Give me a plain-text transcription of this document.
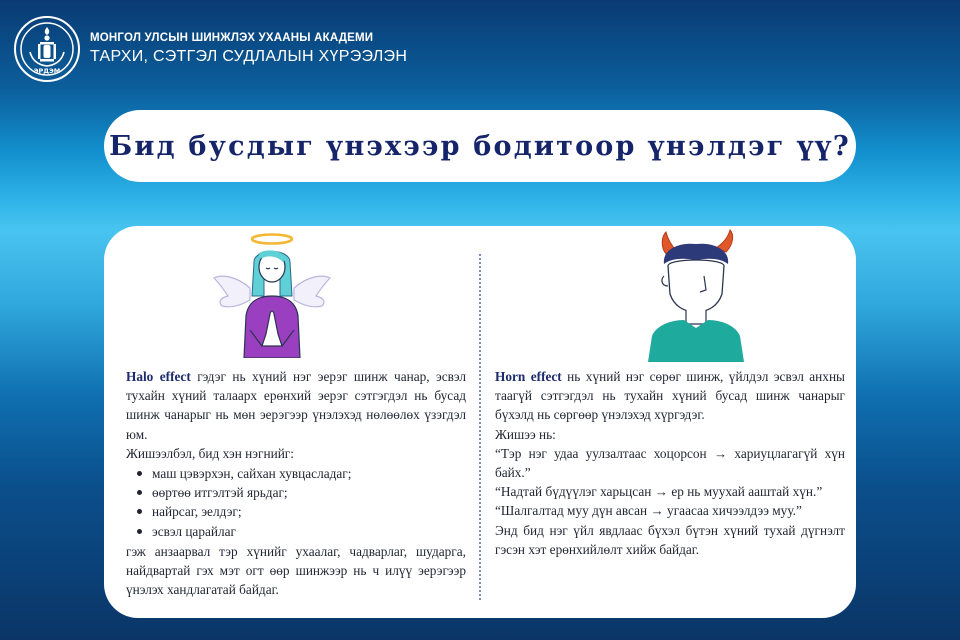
ЭРДЭМ
МОНГОЛ УЛСЫН ШИНЖЛЭХ УХААНЫ АКАДЕМИ
ТАРХИ, СЭТГЭЛ СУДЛАЛЫН ХҮРЭЭЛЭН
Бид бусдыг үнэхээр бодитоор үнэлдэг үү?

Halo effect гэдэг нь хүний нэг эерэг шинж чанар, эсвэл тухайн хүний талаарх ерөнхий эерэг сэтгэгдэл нь бусад шинж чанарыг нь мөн эерэгээр үнэлэхэд нөлөөлөх үзэгдэл юм.

Жишээлбэл, бид хэн нэгнийг:

маш цэвэрхэн, сайхан хувцасладаг;
өөртөө итгэлтэй ярьдаг;
найрсаг, эелдэг;
эсвэл царайлаг

гэж анзаарвал тэр хүнийг ухаалаг, чадварлаг, шударга, найдвартай гэх мэт огт өөр шинжээр нь ч илүү эерэгээр үнэлэх хандлагатай байдаг.

Horn effect нь хүний нэг сөрөг шинж, үйлдэл эсвэл анхны таагүй сэтгэгдэл нь тухайн хүний бусад шинж чанарыг бүхэлд нь сөргөөр үнэлэхэд хүргэдэг.

Жишээ нь:

“Тэр нэг удаа уулзалтаас хоцорсон → хариуцлагагүй хүн байх.”

“Надтай бүдүүлэг харьцсан → ер нь муухай ааштай хүн.”

“Шалгалтад муу дүн авсан → угаасаа хичээлдээ муу.”

Энд бид нэг үйл явдлаас бүхэл бүтэн хүний тухай дүгнэлт гэсэн хэт ерөнхийлөлт хийж байдаг.
